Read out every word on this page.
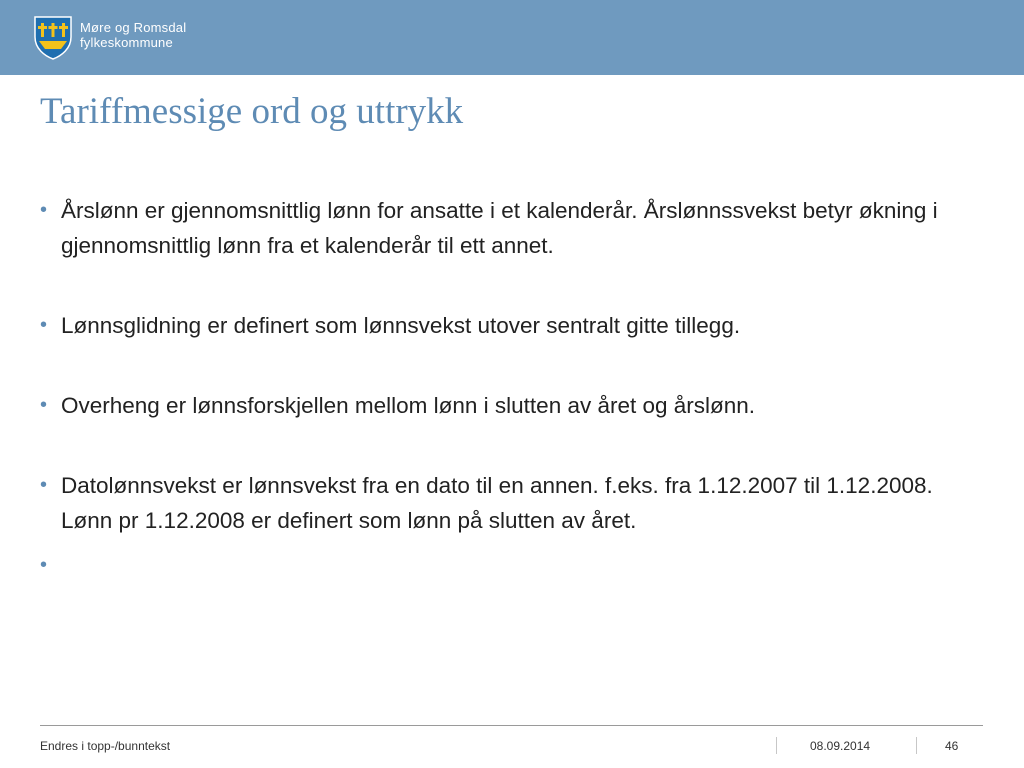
Møre og Romsdal
fylkeskommune
Tariffmessige ord og uttrykk
• Årslønn er gjennomsnittlig lønn for ansatte i et kalenderår. Årslønnssvekst betyr økning i gjennomsnittlig lønn fra et kalenderår til ett annet.
• Lønnsglidning er definert som lønnsvekst utover sentralt gitte tillegg.
• Overheng er lønnsforskjellen mellom lønn i slutten av året og årslønn.
• Datolønnsvekst er lønnsvekst fra en dato til en annen. f.eks. fra 1.12.2007 til 1.12.2008. Lønn pr 1.12.2008 er definert som lønn på slutten av året.
•
Endres i topp-/bunntekst	08.09.2014	46
